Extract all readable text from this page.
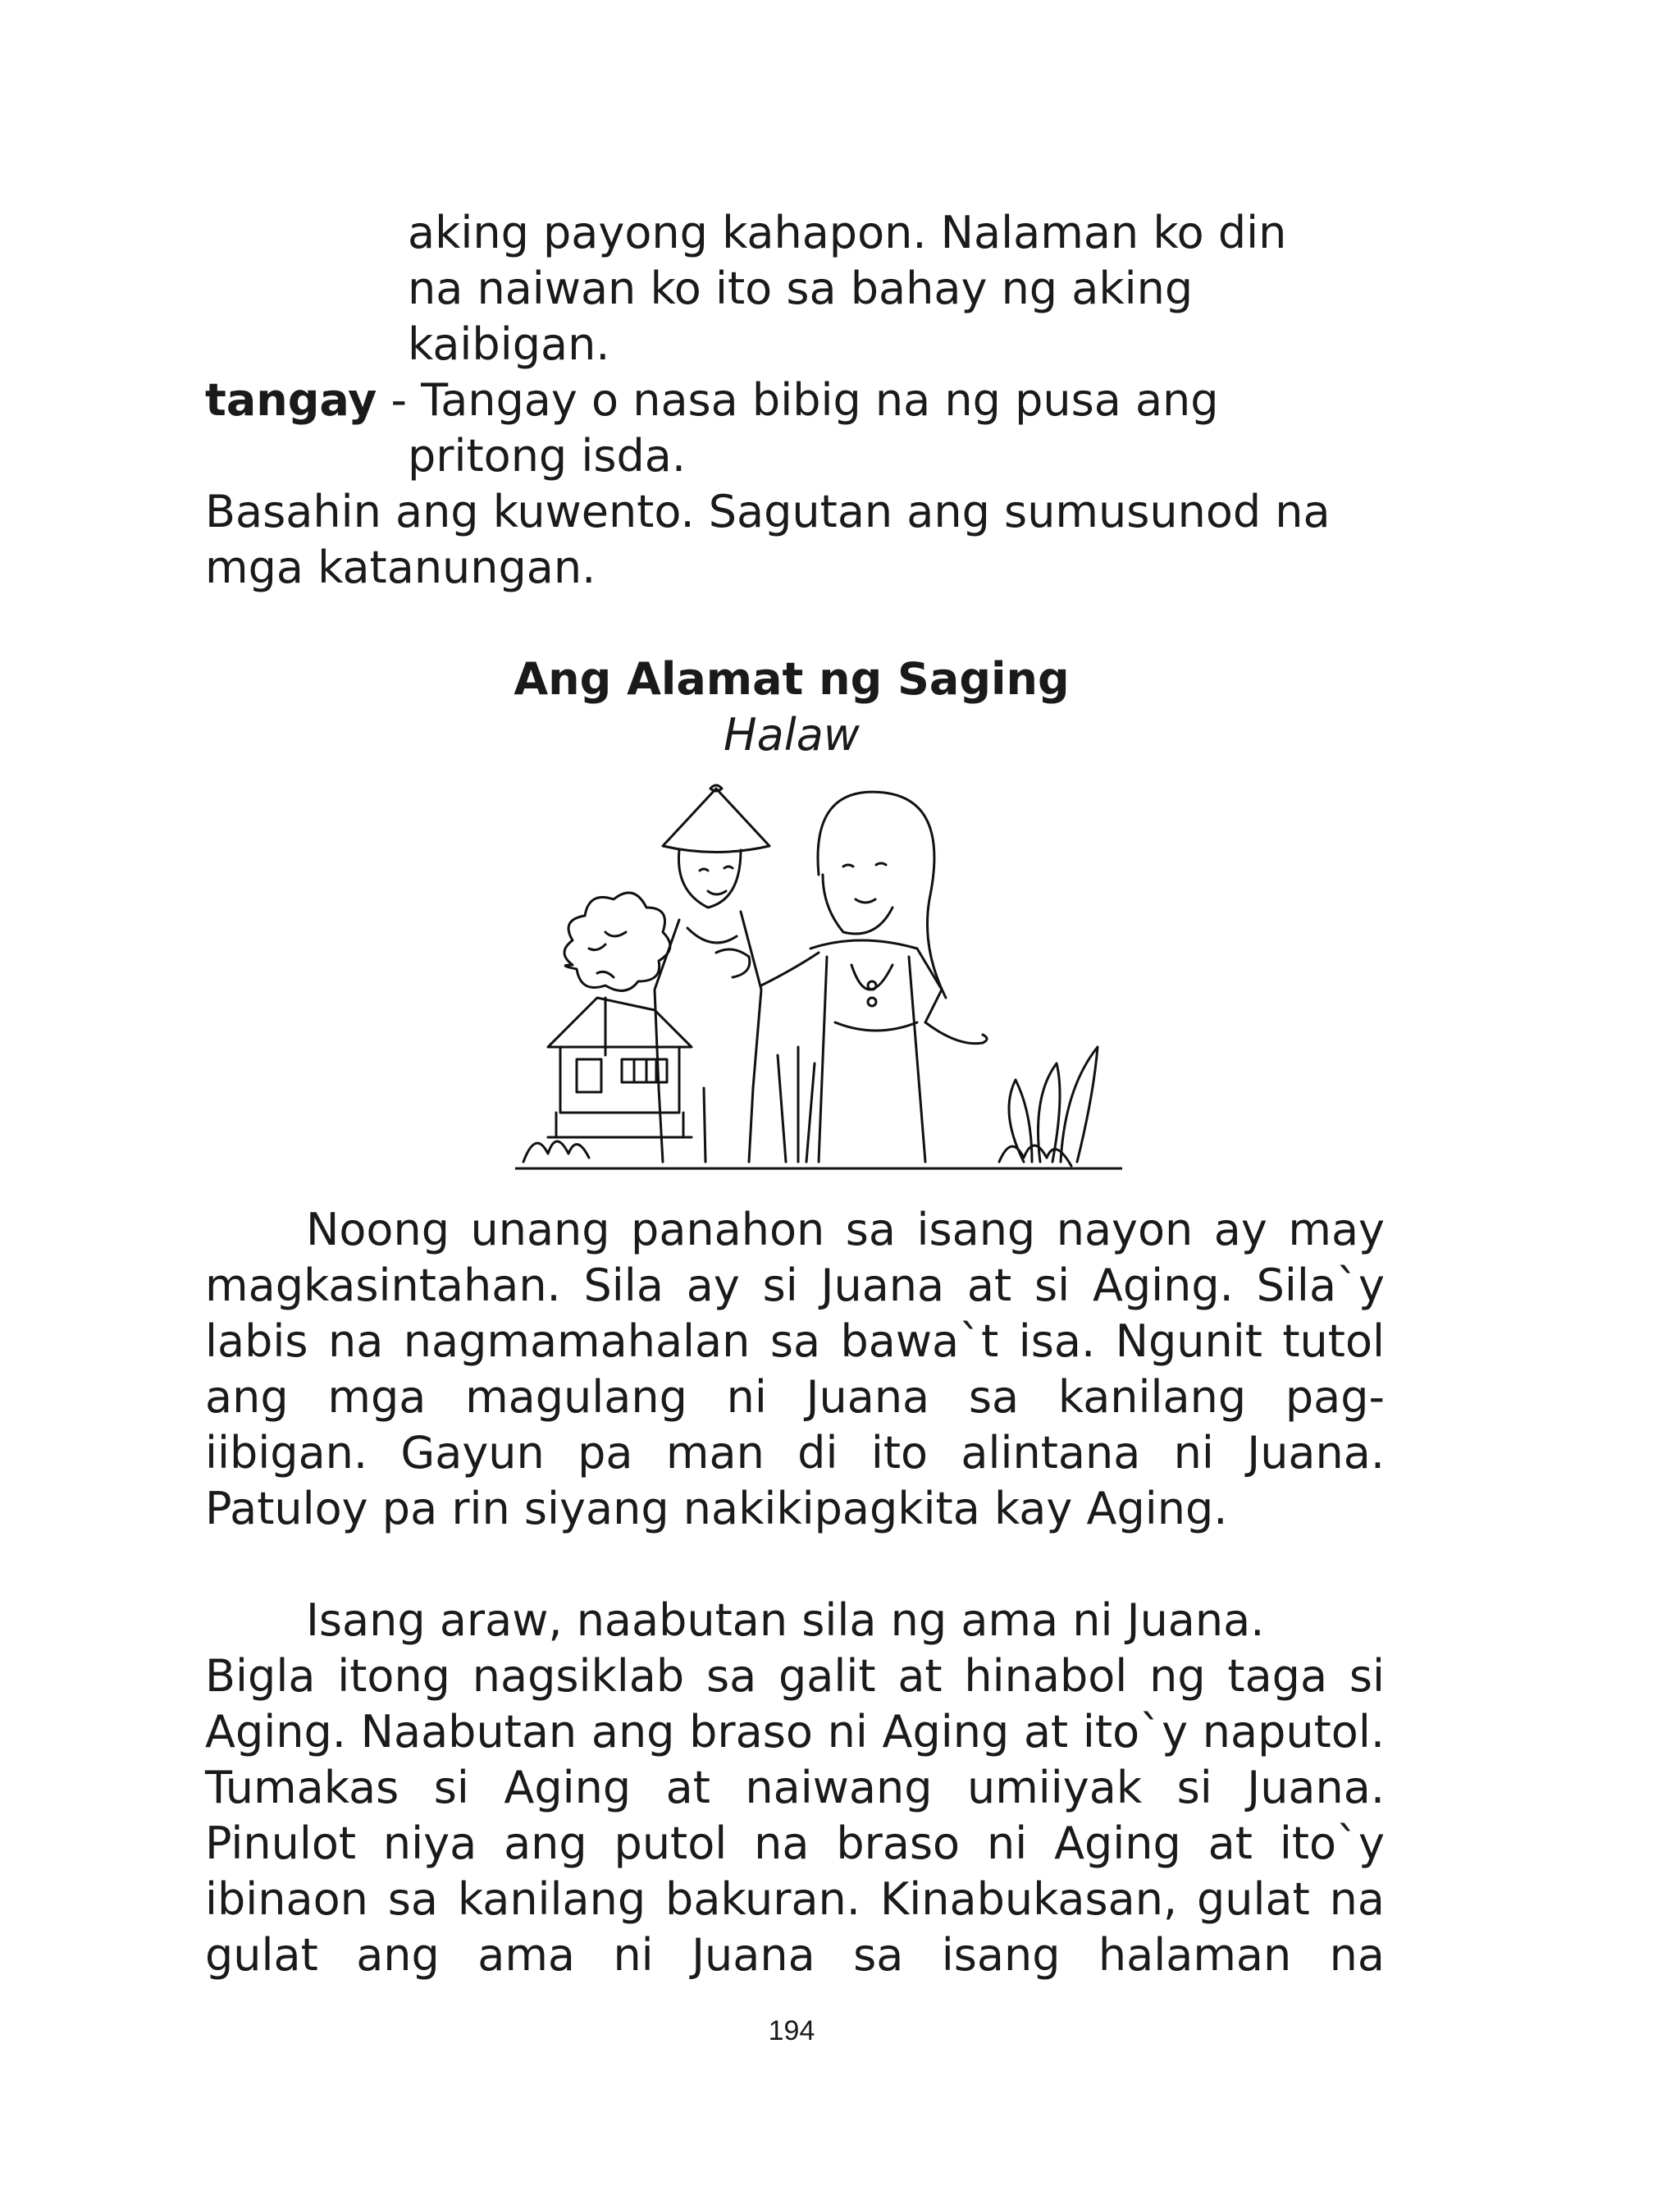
aking payong kahapon. Nalaman ko din
na naiwan ko ito sa bahay ng aking
kaibigan.
tangay - Tangay o nasa bibig na ng pusa ang
pritong isda.
Basahin ang kuwento. Sagutan ang sumusunod na
mga katanungan.
Ang Alamat ng Saging
Halaw
Noong unang panahon sa isang nayon ay may
magkasintahan. Sila ay si Juana at si Aging. Sila`y
labis na nagmamahalan sa bawa`t isa. Ngunit tutol
ang mga magulang ni Juana sa kanilang pag-
iibigan. Gayun pa man di ito alintana ni Juana.
Patuloy pa rin siyang nakikipagkita kay Aging.
Isang araw, naabutan sila ng ama ni Juana.
Bigla itong nagsiklab sa galit at hinabol ng taga si
Aging. Naabutan ang braso ni Aging at ito`y naputol.
Tumakas si Aging at naiwang umiiyak si Juana.
Pinulot niya ang putol na braso ni Aging at ito`y
ibinaon sa kanilang bakuran. Kinabukasan, gulat na
gulat ang ama ni Juana sa isang halaman na
194
